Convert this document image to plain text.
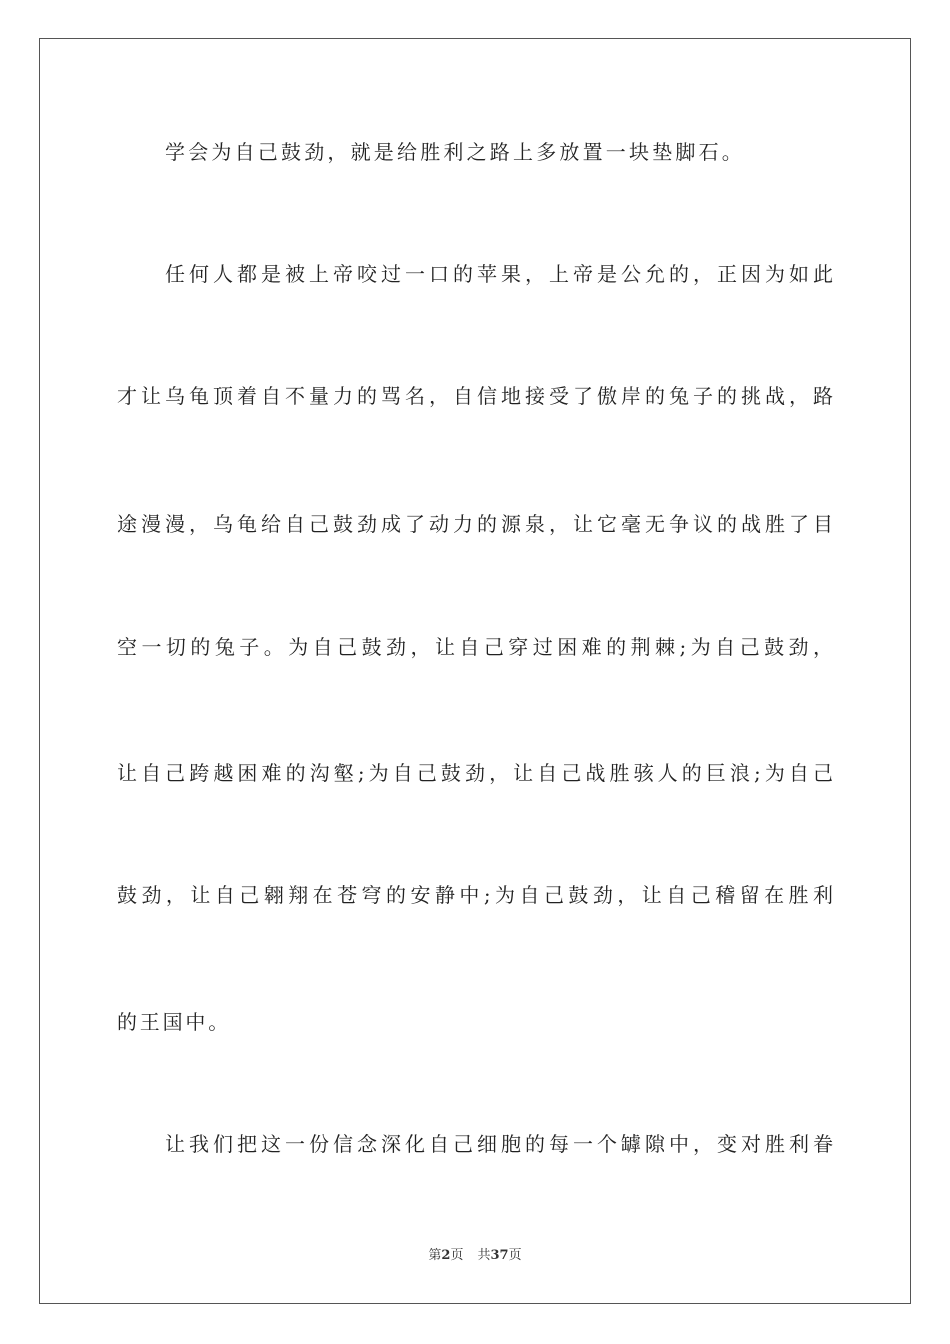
学会为自己鼓劲，就是给胜利之路上多放置一块垫脚石。

任何人都是被上帝咬过一口的苹果，上帝是公允的，正因为如此

才让乌龟顶着自不量力的骂名，自信地接受了傲岸的兔子的挑战，路

途漫漫，乌龟给自己鼓劲成了动力的源泉，让它毫无争议的战胜了目

空一切的兔子。为自己鼓劲，让自己穿过困难的荆棘;为自己鼓劲，

让自己跨越困难的沟壑;为自己鼓劲，让自己战胜骇人的巨浪;为自己

鼓劲，让自己翱翔在苍穹的安静中;为自己鼓劲，让自己稽留在胜利

的王国中。

让我们把这一份信念深化自己细胞的每一个罅隙中，变对胜利眷

第2页 共37页
